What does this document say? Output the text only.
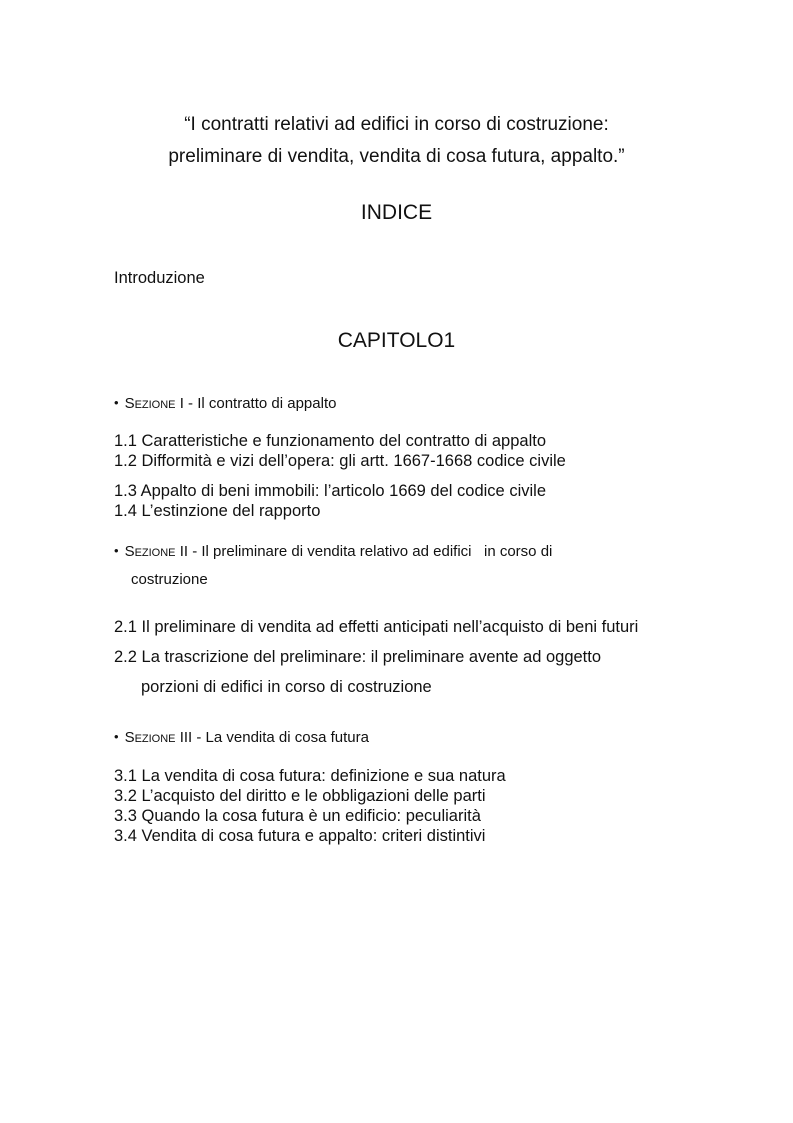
“I contratti relativi ad edifici in corso di costruzione:
preliminare di vendita, vendita di cosa futura, appalto.”
INDICE
Introduzione
CAPITOLO1
• Sezione I - Il contratto di appalto
1.1 Caratteristiche e funzionamento del contratto di appalto
1.2 Difformità e vizi dell’opera: gli artt. 1667-1668 codice civile
1.3 Appalto di beni immobili: l’articolo 1669 del codice civile
1.4 L’estinzione del rapporto
• Sezione II - Il preliminare di vendita relativo ad edifici   in corso di
costruzione
2.1 Il preliminare di vendita ad effetti anticipati nell’acquisto di beni futuri
2.2 La trascrizione del preliminare: il preliminare avente ad oggetto
porzioni di edifici in corso di costruzione
• Sezione III - La vendita di cosa futura
3.1 La vendita di cosa futura: definizione e sua natura
3.2 L’acquisto del diritto e le obbligazioni delle parti
3.3 Quando la cosa futura è un edificio: peculiarità
3.4 Vendita di cosa futura e appalto: criteri distintivi
